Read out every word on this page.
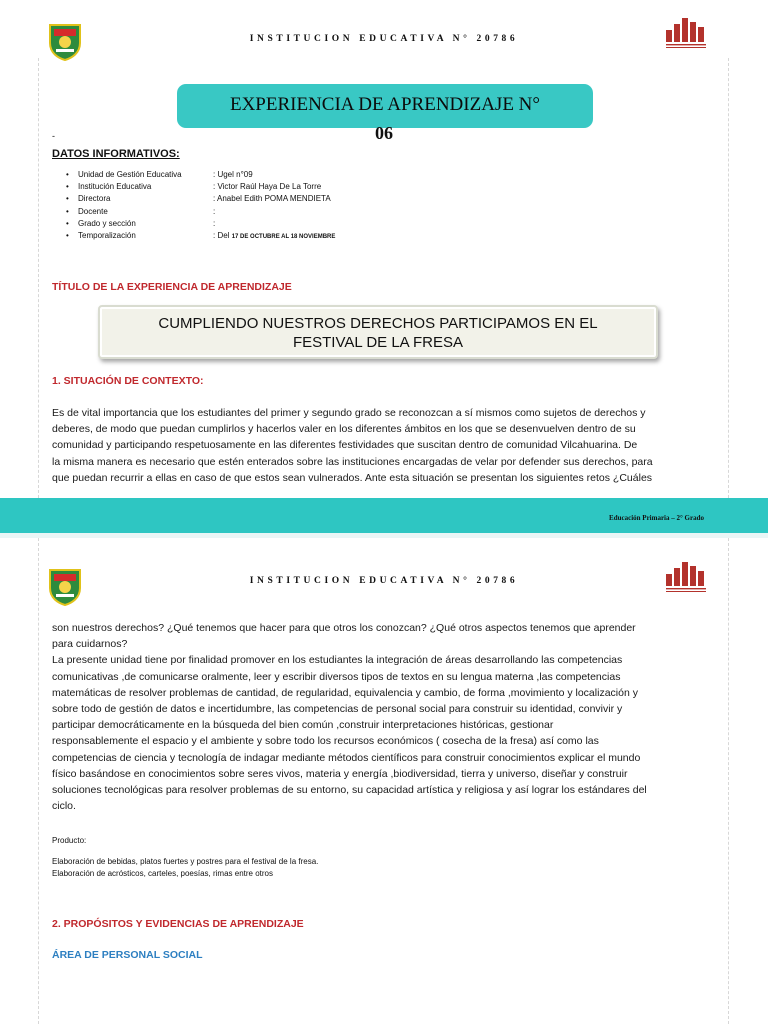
INSTITUCION EDUCATIVA N° 20786
EXPERIENCIA DE APRENDIZAJE N°
06
-
DATOS INFORMATIVOS:
• Unidad de Gestión Educativa	: Ugel n°09
• Institución Educativa	: Victor Raúl Haya De La Torre
• Directora	: Anabel Edith POMA MENDIETA
• Docente	:
• Grado y sección	:
• Temporalización	: Del 17 DE OCTUBRE AL 18 NOVIEMBRE
TÍTULO DE LA EXPERIENCIA DE APRENDIZAJE
CUMPLIENDO NUESTROS DERECHOS PARTICIPAMOS EN EL
FESTIVAL DE LA FRESA
1. SITUACIÓN DE CONTEXTO:
Es de vital importancia que los estudiantes del primer y segundo grado se reconozcan a sí mismos como sujetos de derechos y
deberes, de modo que puedan cumplirlos y hacerlos valer en los diferentes ámbitos en los que se desenvuelven dentro de su
comunidad y participando respetuosamente en las diferentes festividades que suscitan dentro de comunidad Vilcahuarina. De
la misma manera es necesario que estén enterados sobre las instituciones encargadas de velar por defender sus derechos, para
que puedan recurrir a ellas en caso de que estos sean vulnerados. Ante esta situación se presentan los siguientes retos ¿Cuáles
Educación Primaria – 2° Grado
INSTITUCION EDUCATIVA N° 20786
son nuestros derechos? ¿Qué tenemos que hacer para que otros los conozcan? ¿Qué otros aspectos tenemos que aprender
para cuidarnos?
La presente unidad tiene por finalidad promover en los estudiantes la integración de áreas desarrollando las competencias
comunicativas ,de comunicarse oralmente, leer y escribir diversos tipos de textos en su lengua materna ,las competencias
matemáticas de resolver problemas de cantidad, de regularidad, equivalencia y cambio, de forma ,movimiento y localización y
sobre todo de gestión de datos e incertidumbre, las competencias de personal social para construir su identidad, convivir y
participar democráticamente en la búsqueda del bien común ,construir interpretaciones históricas, gestionar
responsablemente el espacio y el ambiente y sobre todo los recursos económicos ( cosecha de la fresa) así como las
competencias de ciencia y tecnología de indagar mediante métodos científicos para construir conocimientos explicar el mundo
físico basándose en conocimientos sobre seres vivos, materia y energía ,biodiversidad, tierra y universo, diseñar y construir
soluciones tecnológicas para resolver problemas de su entorno, su capacidad artística y religiosa y así lograr los estándares del
ciclo.
Producto:
Elaboración de bebidas, platos fuertes y postres para el festival de la fresa.
Elaboración de acrósticos, carteles, poesías, rimas entre otros
2. PROPÓSITOS Y EVIDENCIAS DE APRENDIZAJE
ÁREA DE PERSONAL SOCIAL
